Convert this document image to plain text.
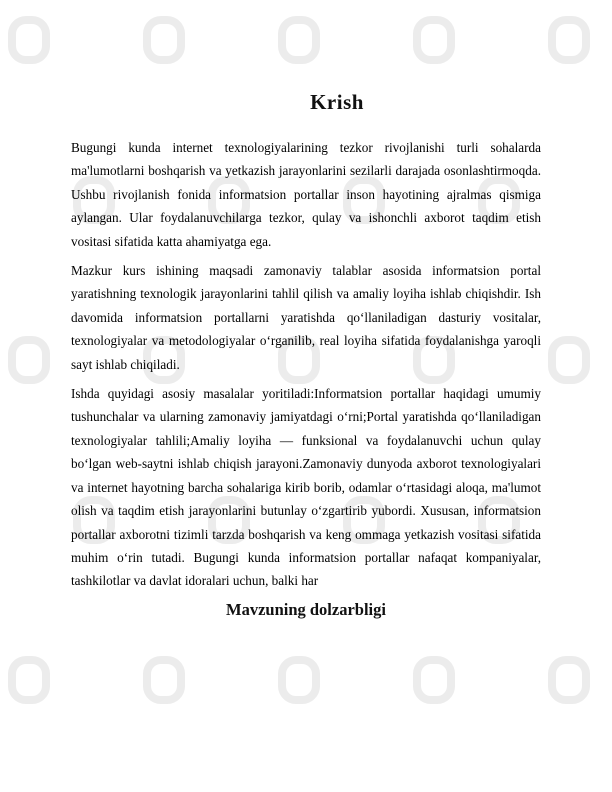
Krish

Bugungi kunda internet texnologiyalarining tezkor rivojlanishi turli sohalarda ma'lumotlarni boshqarish va yetkazish jarayonlarini sezilarli darajada osonlashtirmoqda. Ushbu rivojlanish fonida informatsion portallar inson hayotining ajralmas qismiga aylangan. Ular foydalanuvchilarga tezkor, qulay va ishonchli axborot taqdim etish vositasi sifatida katta ahamiyatga ega.

Mazkur kurs ishining maqsadi zamonaviy talablar asosida informatsion portal yaratishning texnologik jarayonlarini tahlil qilish va amaliy loyiha ishlab chiqishdir. Ish davomida informatsion portallarni yaratishda qo‘llaniladigan dasturiy vositalar, texnologiyalar va metodologiyalar o‘rganilib, real loyiha sifatida foydalanishga yaroqli sayt ishlab chiqiladi.

Ishda quyidagi asosiy masalalar yoritiladi:Informatsion portallar haqidagi umumiy tushunchalar va ularning zamonaviy jamiyatdagi o‘rni;Portal yaratishda qo‘llaniladigan texnologiyalar tahlili;Amaliy loyiha — funksional va foydalanuvchi uchun qulay bo‘lgan web-saytni ishlab chiqish jarayoni.Zamonaviy dunyoda axborot texnologiyalari va internet hayotning barcha sohalariga kirib borib, odamlar o‘rtasidagi aloqa, ma'lumot olish va taqdim etish jarayonlarini butunlay o‘zgartirib yubordi. Xususan, informatsion portallar axborotni tizimli tarzda boshqarish va keng ommaga yetkazish vositasi sifatida muhim o‘rin tutadi. Bugungi kunda informatsion portallar nafaqat kompaniyalar, tashkilotlar va davlat idoralari uchun, balki har

Mavzuning dolzarbligi
